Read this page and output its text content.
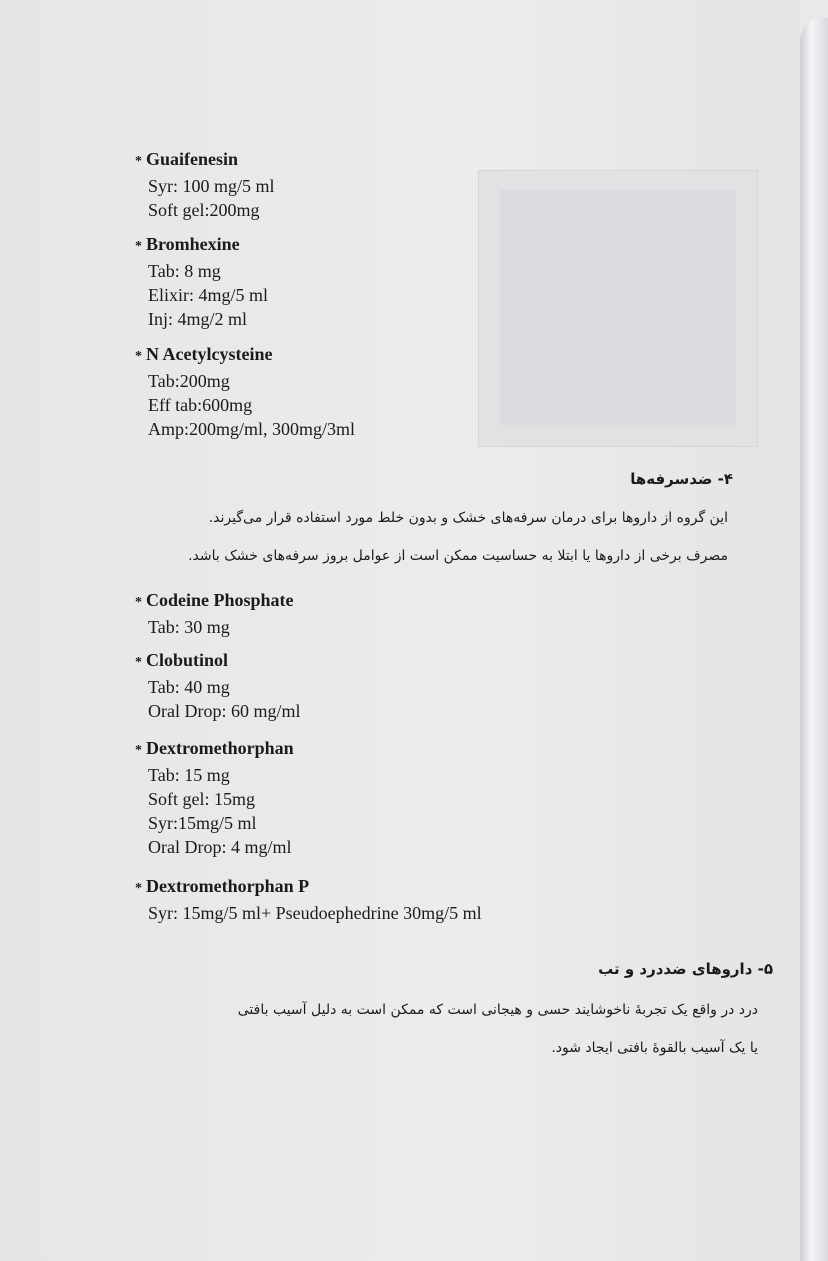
* Guaifenesin
Syr: 100 mg/5 ml
Soft gel:200mg
* Bromhexine
Tab: 8 mg
Elixir: 4mg/5 ml
Inj: 4mg/2 ml
* N Acetylcysteine
Tab:200mg
Eff tab:600mg
Amp:200mg/ml, 300mg/3ml
۴- ضدسرفه‌ها
این گروه از داروها برای درمان سرفه‌های خشک و بدون خلط مورد استفاده قرار می‌گیرند.
مصرف برخی از داروها یا ابتلا به حساسیت ممکن است از عوامل بروز سرفه‌های خشک باشد.
* Codeine Phosphate
Tab: 30 mg
* Clobutinol
Tab: 40 mg
Oral Drop: 60 mg/ml
* Dextromethorphan
Tab: 15 mg
Soft gel: 15mg
Syr:15mg/5 ml
Oral Drop: 4 mg/ml
* Dextromethorphan P
Syr: 15mg/5 ml+ Pseudoephedrine 30mg/5 ml
۵- داروهای ضددرد و تب
درد در واقع یک تجربهٔ ناخوشایند حسی و هیجانی است که ممکن است به دلیل آسیب بافتی
یا یک آسیب بالقوهٔ بافتی ایجاد شود.
